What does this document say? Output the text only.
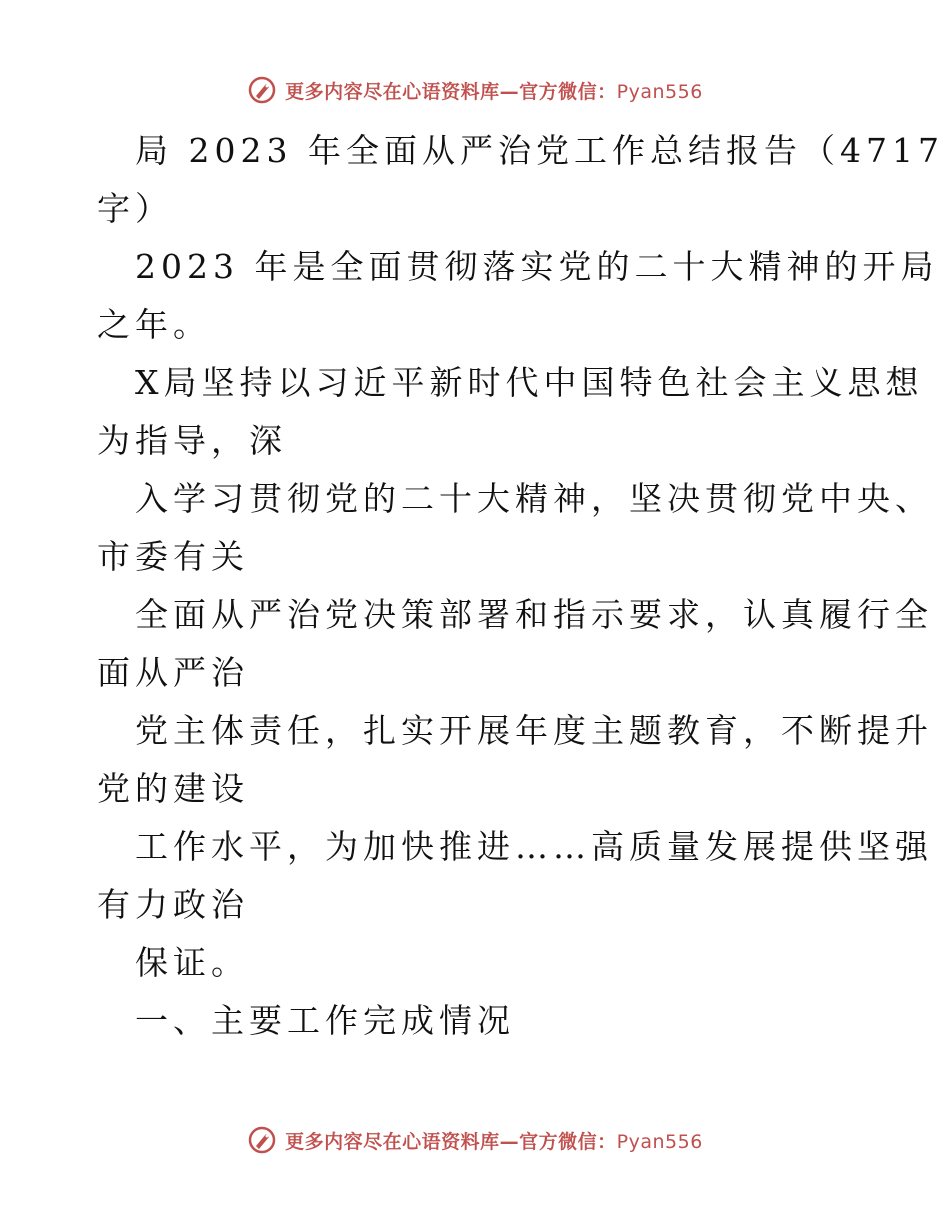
更多内容尽在心语资料库—官方微信：Pyan556

局 2023 年全面从严治党工作总结报告（4717
字）

2023 年是全面贯彻落实党的二十大精神的开局
之年。

X局坚持以习近平新时代中国特色社会主义思想
为指导，深

入学习贯彻党的二十大精神，坚决贯彻党中央、
市委有关

全面从严治党决策部署和指示要求，认真履行全
面从严治

党主体责任，扎实开展年度主题教育，不断提升
党的建设

工作水平，为加快推进……高质量发展提供坚强
有力政治

保证。

一、主要工作完成情况

更多内容尽在心语资料库—官方微信：Pyan556
